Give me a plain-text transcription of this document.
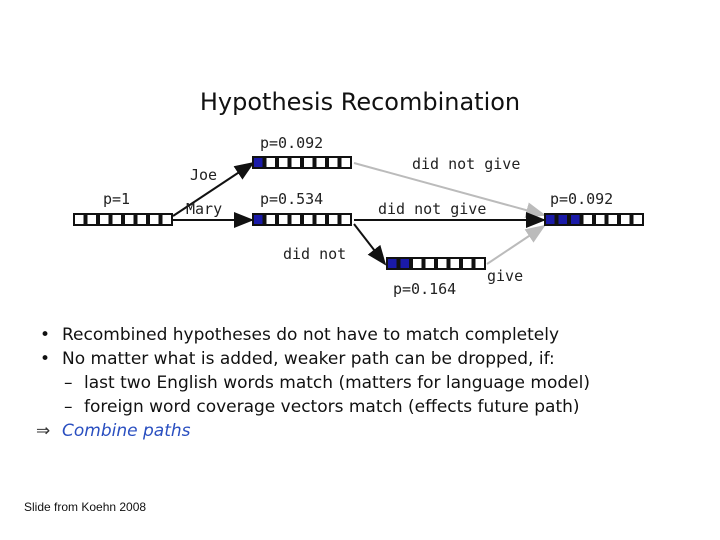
Hypothesis Recombination
p=1
p=0.092
p=0.534
p=0.164
p=0.092
Joe
Mary
did not give
did not give
did not
give
• Recombined hypotheses do not have to match completely
• No matter what is added, weaker path can be dropped, if:
– last two English words match (matters for language model)
– foreign word coverage vectors match (effects future path)
⇒ Combine paths
Slide from Koehn 2008
